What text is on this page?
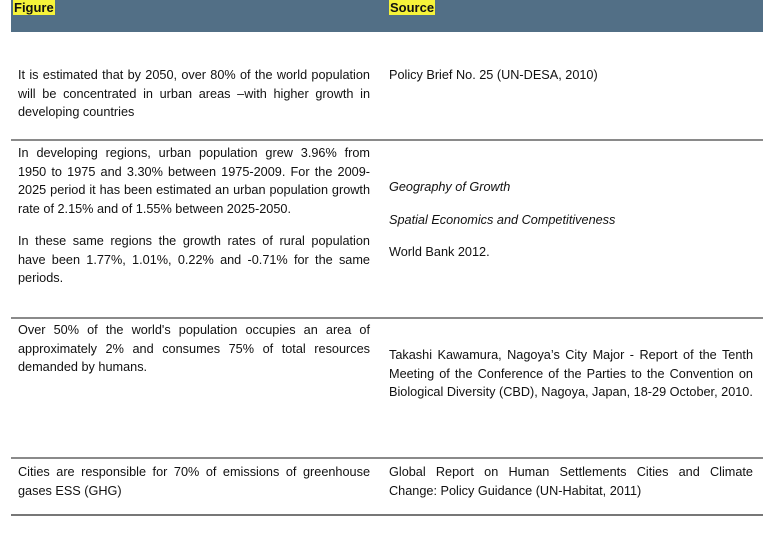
Figure	Source
It is estimated that by 2050, over 80% of the world population will be concentrated in urban areas –with higher growth in developing countries
Policy Brief No. 25 (UN-DESA, 2010)
In developing regions, urban population grew 3.96% from 1950 to 1975 and 3.30% between 1975-2009. For the 2009-2025 period it has been estimated an urban population growth rate of 2.15% and of 1.55% between 2025-2050.
In these same regions the growth rates of rural population have been 1.77%, 1.01%, 0.22% and -0.71% for the same periods.
Geography of Growth
Spatial Economics and Competitiveness
World Bank 2012.
Over 50% of the world's population occupies an area of approximately 2% and consumes 75% of total resources demanded by humans.
Takashi Kawamura, Nagoya’s City Major - Report of the Tenth Meeting of the Conference of the Parties to the Convention on Biological Diversity (CBD), Nagoya, Japan, 18-29 October, 2010.
Cities are responsible for 70% of emissions of greenhouse gases ESS (GHG)
Global Report on Human Settlements Cities and Climate Change: Policy Guidance (UN-Habitat, 2011)
